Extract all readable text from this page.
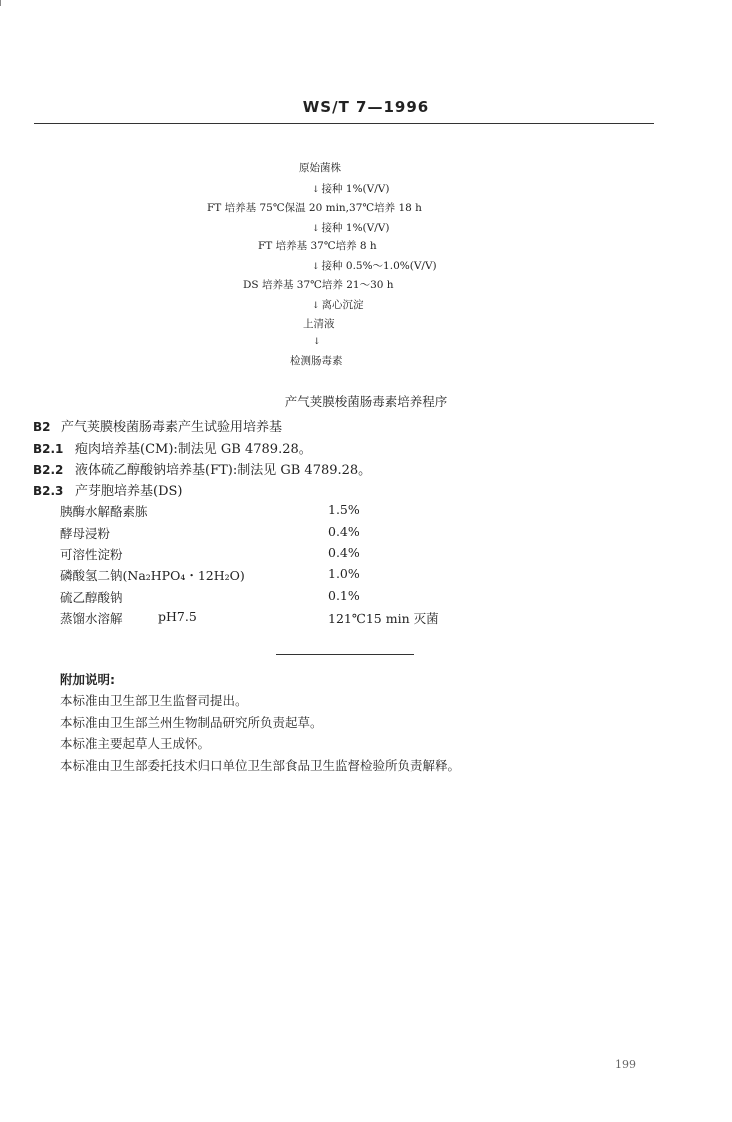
WS/T 7—1996
原始菌株
↓ 接种 1%(V/V)
FT 培养基 75℃保温 20 min,37℃培养 18 h
↓ 接种 1%(V/V)
FT 培养基 37℃培养 8 h
↓ 接种 0.5%～1.0%(V/V)
DS 培养基 37℃培养 21～30 h
↓ 离心沉淀
上清液
↓
检测肠毒素
产气荚膜梭菌肠毒素培养程序
B2 产气荚膜梭菌肠毒素产生试验用培养基
B2.1 疱肉培养基(CM):制法见 GB 4789.28。
B2.2 液体硫乙醇酸钠培养基(FT):制法见 GB 4789.28。
B2.3 产芽胞培养基(DS)
胰酶水解酪素胨	1.5%
酵母浸粉	0.4%
可溶性淀粉	0.4%
磷酸氢二钠(Na₂HPO₄・12H₂O)	1.0%
硫乙醇酸钠	0.1%
蒸馏水溶解	pH7.5	121℃15 min 灭菌
附加说明:
本标准由卫生部卫生监督司提出。
本标准由卫生部兰州生物制品研究所负责起草。
本标准主要起草人王成怀。
本标准由卫生部委托技术归口单位卫生部食品卫生监督检验所负责解释。
199
